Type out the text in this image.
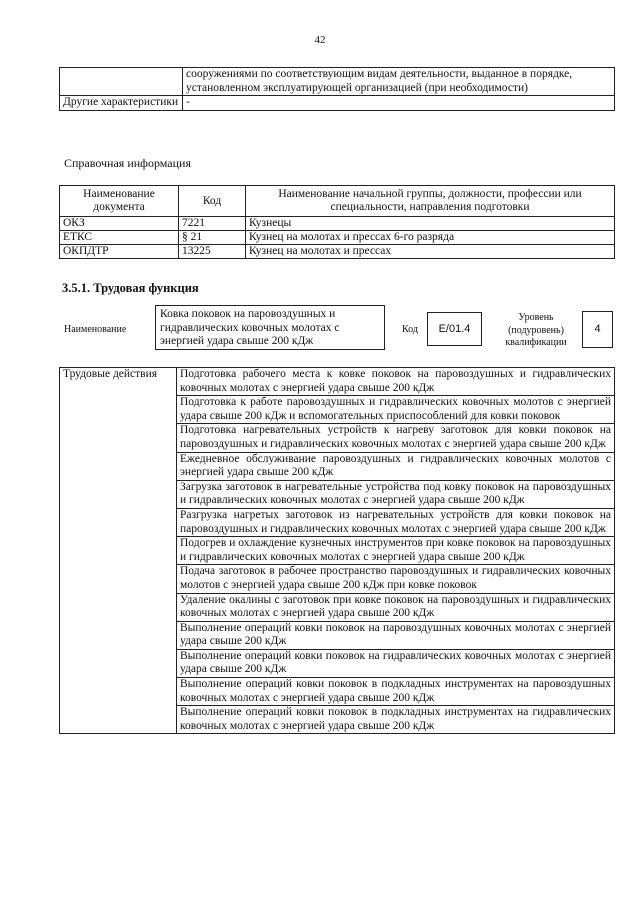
42
	сооружениями по соответствующим видам деятельности, выданное в порядке, установленном эксплуатирующей организацией (при необходимости)
Другие характеристики	-
Справочная информация
Наименование документа	Код	Наименование начальной группы, должности, профессии или специальности, направления подготовки
ОКЗ	7221	Кузнецы
ЕТКС	§ 21	Кузнец на молотах и прессах 6-го разряда
ОКПДТР	13225	Кузнец на молотах и прессах
3.5.1. Трудовая функция
Наименование
Ковка поковок на паровоздушных и гидравлических ковочных молотах с энергией удара свыше 200 кДж
Код	E/01.4
Уровень (подуровень) квалификации
4
Трудовые действия	Подготовка рабочего места к ковке поковок на паровоздушных и гидравлических ковочных молотах с энергией удара свыше 200 кДж
Подготовка к работе паровоздушных и гидравлических ковочных молотов с энергией удара свыше 200 кДж и вспомогательных приспособлений для ковки поковок
Подготовка нагревательных устройств к нагреву заготовок для ковки поковок на паровоздушных и гидравлических ковочных молотах с энергией удара свыше 200 кДж
Ежедневное обслуживание паровоздушных и гидравлических ковочных молотов с энергией удара свыше 200 кДж
Загрузка заготовок в нагревательные устройства под ковку поковок на паровоздушных и гидравлических ковочных молотах с энергией удара свыше 200 кДж
Разгрузка нагретых заготовок из нагревательных устройств для ковки поковок на паровоздушных и гидравлических ковочных молотах с энергией удара свыше 200 кДж
Подогрев и охлаждение кузнечных инструментов при ковке поковок на паровоздушных и гидравлических ковочных молотах с энергией удара свыше 200 кДж
Подача заготовок в рабочее пространство паровоздушных и гидравлических ковочных молотов с энергией удара свыше 200 кДж при ковке поковок
Удаление окалины с заготовок при ковке поковок на паровоздушных и гидравлических ковочных молотах с энергией удара свыше 200 кДж
Выполнение операций ковки поковок на паровоздушных ковочных молотах с энергией удара свыше 200 кДж
Выполнение операций ковки поковок на гидравлических ковочных молотах с энергией удара свыше 200 кДж
Выполнение операций ковки поковок в подкладных инструментах на паровоздушных ковочных молотах с энергией удара свыше 200 кДж
Выполнение операций ковки поковок в подкладных инструментах на гидравлических ковочных молотах с энергией удара свыше 200 кДж
